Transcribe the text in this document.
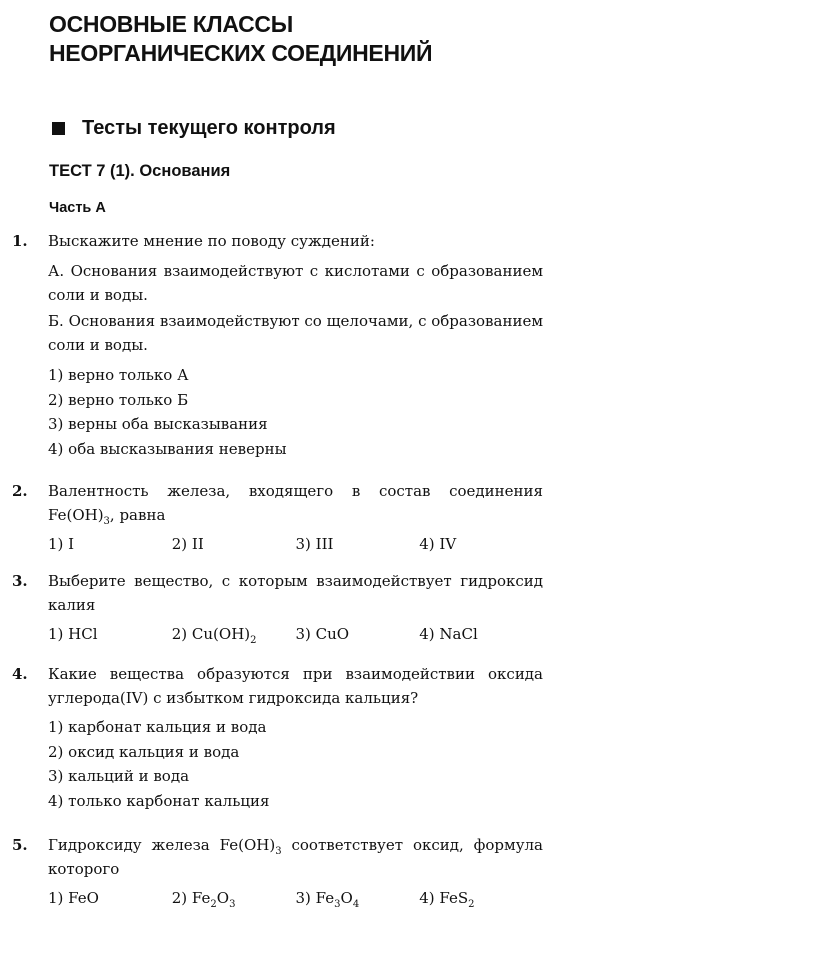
ОСНОВНЫЕ КЛАССЫ
НЕОРГАНИЧЕСКИХ СОЕДИНЕНИЙ
Тесты текущего контроля
ТЕСТ 7 (1). Основания
Часть А
1. Выскажите мнение по поводу суждений:
А. Основания взаимодействуют с кислотами с образованием соли и воды.
Б. Основания взаимодействуют со щелочами, с образованием соли и воды.
1) верно только А
2) верно только Б
3) верны оба высказывания
4) оба высказывания неверны
2. Валентность железа, входящего в состав соединения
$Fe(OH)_3$, равна
1) I	2) II	3) III	4) IV
3. Выберите вещество, с которым взаимодействует гидроксид калия
1) HCl	2) $Cu(OH)_2$	3) CuO	4) NaCl
4. Какие вещества образуются при взаимодействии оксида углерода(IV) с избытком гидроксида кальция?
1) карбонат кальция и вода
2) оксид кальция и вода
3) кальций и вода
4) только карбонат кальция
5. Гидроксиду железа $Fe(OH)_3$ соответствует оксид, формула которого
1) FeO	2) $Fe_2O_3$	3) $Fe_3O_4$	4) FeS$_2$
